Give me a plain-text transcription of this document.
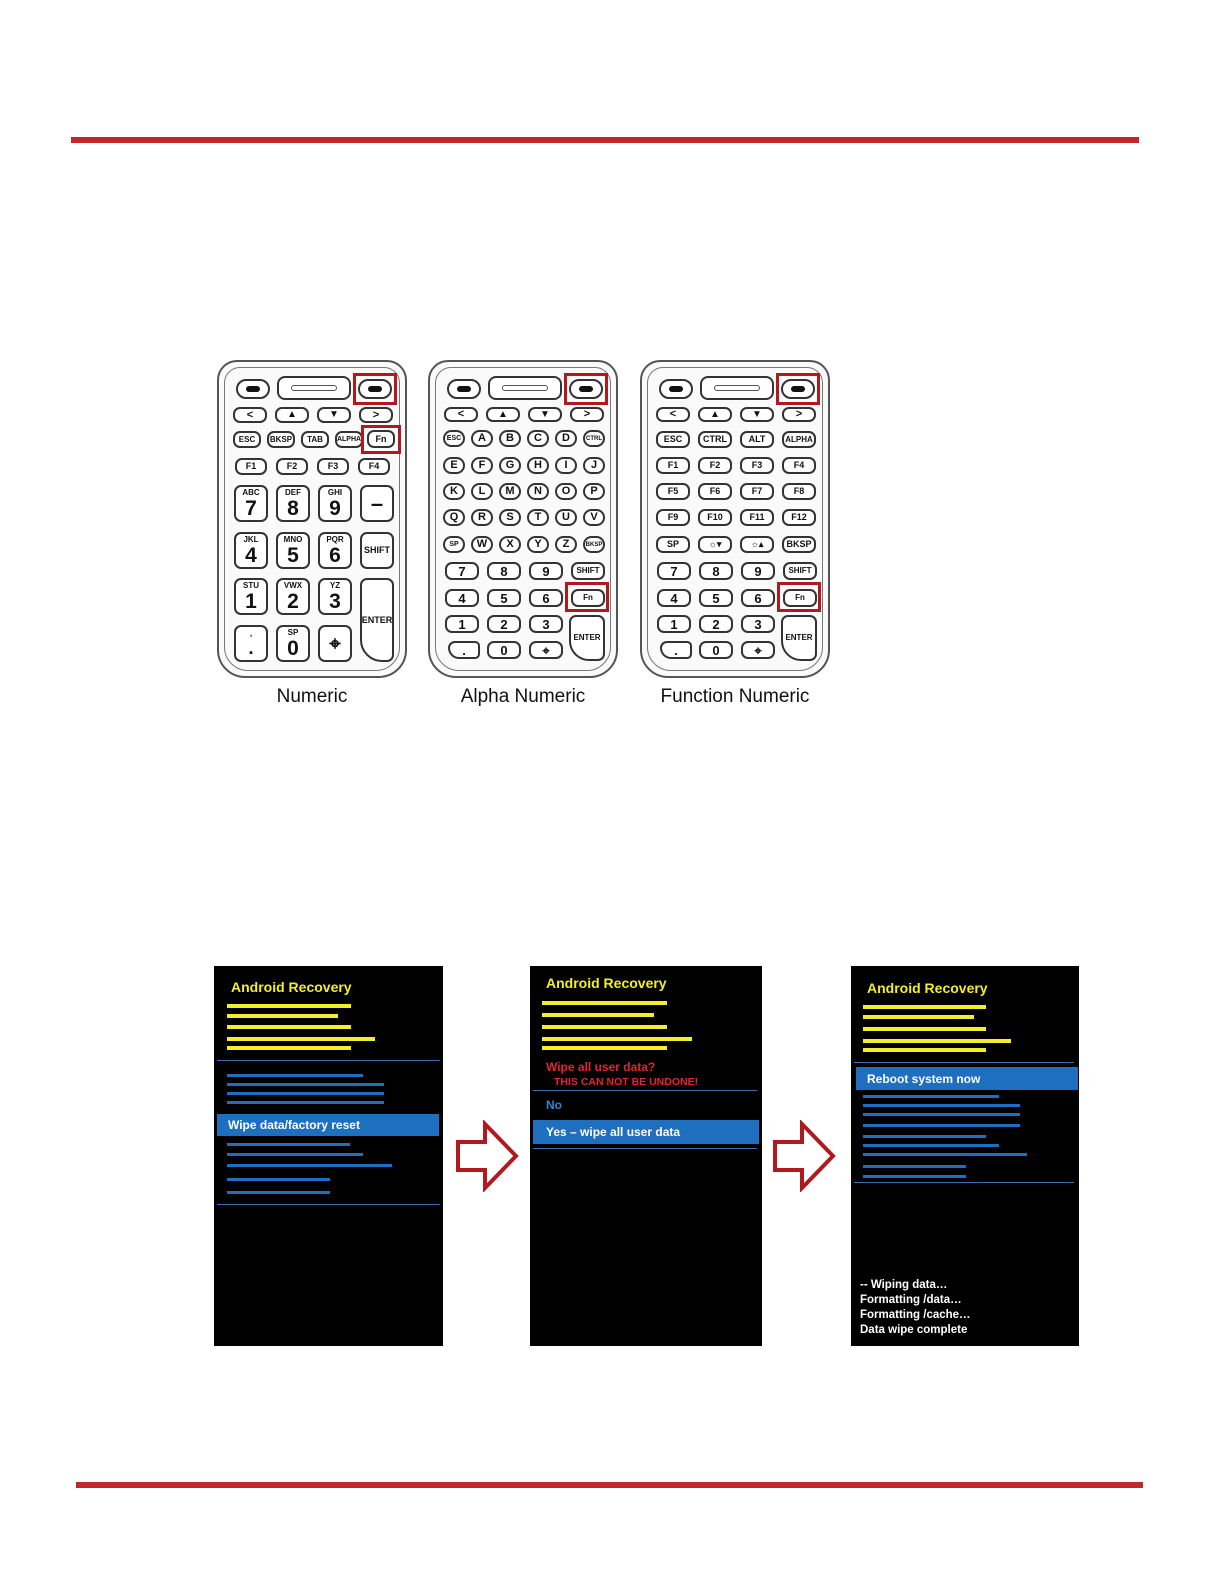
<	▲	▼	>
ESC	BKSP	TAB	ALPHA	Fn
F1	F2	F3	F4
ABC
7
DEF
8
GHI
9	–
JKL
4
MNO
5
PQR
6	SHIFT
STU
1
VWX
2
YZ
3
ENTER
,
.
SP
0 ⌖
Numeric
<	▲	▼	>
ESC	A	B	C	D	CTRL
E	F	G	H	I	J
K	L	M	N	O	P
Q	R	S	T	U	V
SP	W	X	Y	Z	BKSP
7	8	9	SHIFT
4	5	6	Fn
1	2	3
ENTER
.	0	⌖
Alpha Numeric
<	▲	▼	>
ESC	CTRL	ALT	ALPHA
F1	F2	F3	F4
F5	F6	F7	F8
F9	F10	F11	F12
SP	☼▾	☼▴	BKSP
7	8	9	SHIFT
4	5	6	Fn
1	2	3
ENTER
.	0	⌖
Function Numeric
Android Recovery
Wipe data/factory reset
Android Recovery
Wipe all user data?
THIS CAN NOT BE UNDONE!
No
Yes – wipe all user data
Android Recovery
Reboot system now
-- Wiping data…
Formatting /data…
Formatting /cache…
Data wipe complete
